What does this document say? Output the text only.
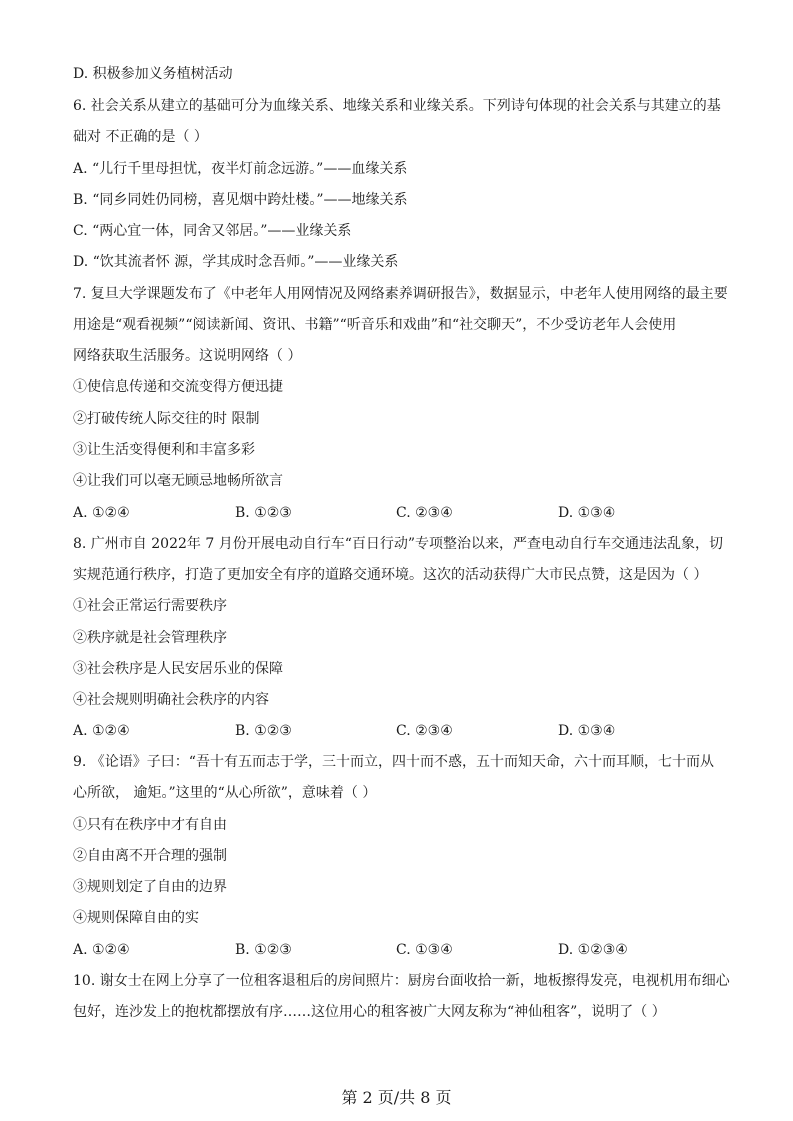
D. 积极参加义务植树活动
6. 社会关系从建立的基础可分为血缘关系、地缘关系和业缘关系。下列诗句体现的社会关系与其建立的基
础对 不正确的是（ ）
A. “儿行千里母担忧，夜半灯前念远游。”——血缘关系
B. “同乡同姓仍同榜，喜见烟中跨灶楼。”——地缘关系
C. “两心宜一体，同舍又邻居。”——业缘关系
D. “饮其流者怀 源，学其成时念吾师。”——业缘关系
7. 复旦大学课题发布了《中老年人用网情况及网络素养调研报告》，数据显示，中老年人使用网络的最主要
用途是“观看视频”“阅读新闻、资讯、书籍”“听音乐和戏曲”和“社交聊天”，不少受访老年人会使用
网络获取生活服务。这说明网络（ ）
①使信息传递和交流变得方便迅捷
②打破传统人际交往的时 限制
③让生活变得便利和丰富多彩
④让我们可以毫无顾忌地畅所欲言
A. ①②④	B. ①②③	C. ②③④	D. ①③④
8. 广州市自 2022年 7 月份开展电动自行车“百日行动”专项整治以来，严查电动自行车交通违法乱象，切
实规范通行秩序，打造了更加安全有序的道路交通环境。这次的活动获得广大市民点赞，这是因为（ ）
①社会正常运行需要秩序
②秩序就是社会管理秩序
③社会秩序是人民安居乐业的保障
④社会规则明确社会秩序的内容
A. ①②④	B. ①②③	C. ②③④	D. ①③④
9. 《论语》子曰：“吾十有五而志于学，三十而立，四十而不惑，五十而知天命，六十而耳顺，七十而从
心所欲， 逾矩。”这里的“从心所欲”，意味着（ ）
①只有在秩序中才有自由
②自由离不开合理的强制
③规则划定了自由的边界
④规则保障自由的实
A. ①②④	B. ①②③	C. ①③④	D. ①②③④
10. 谢女士在网上分享了一位租客退租后的房间照片：厨房台面收拾一新，地板擦得发亮，电视机用布细心
包好，连沙发上的抱枕都摆放有序……这位用心的租客被广大网友称为“神仙租客”，说明了（ ）
第 2 页/共 8 页
